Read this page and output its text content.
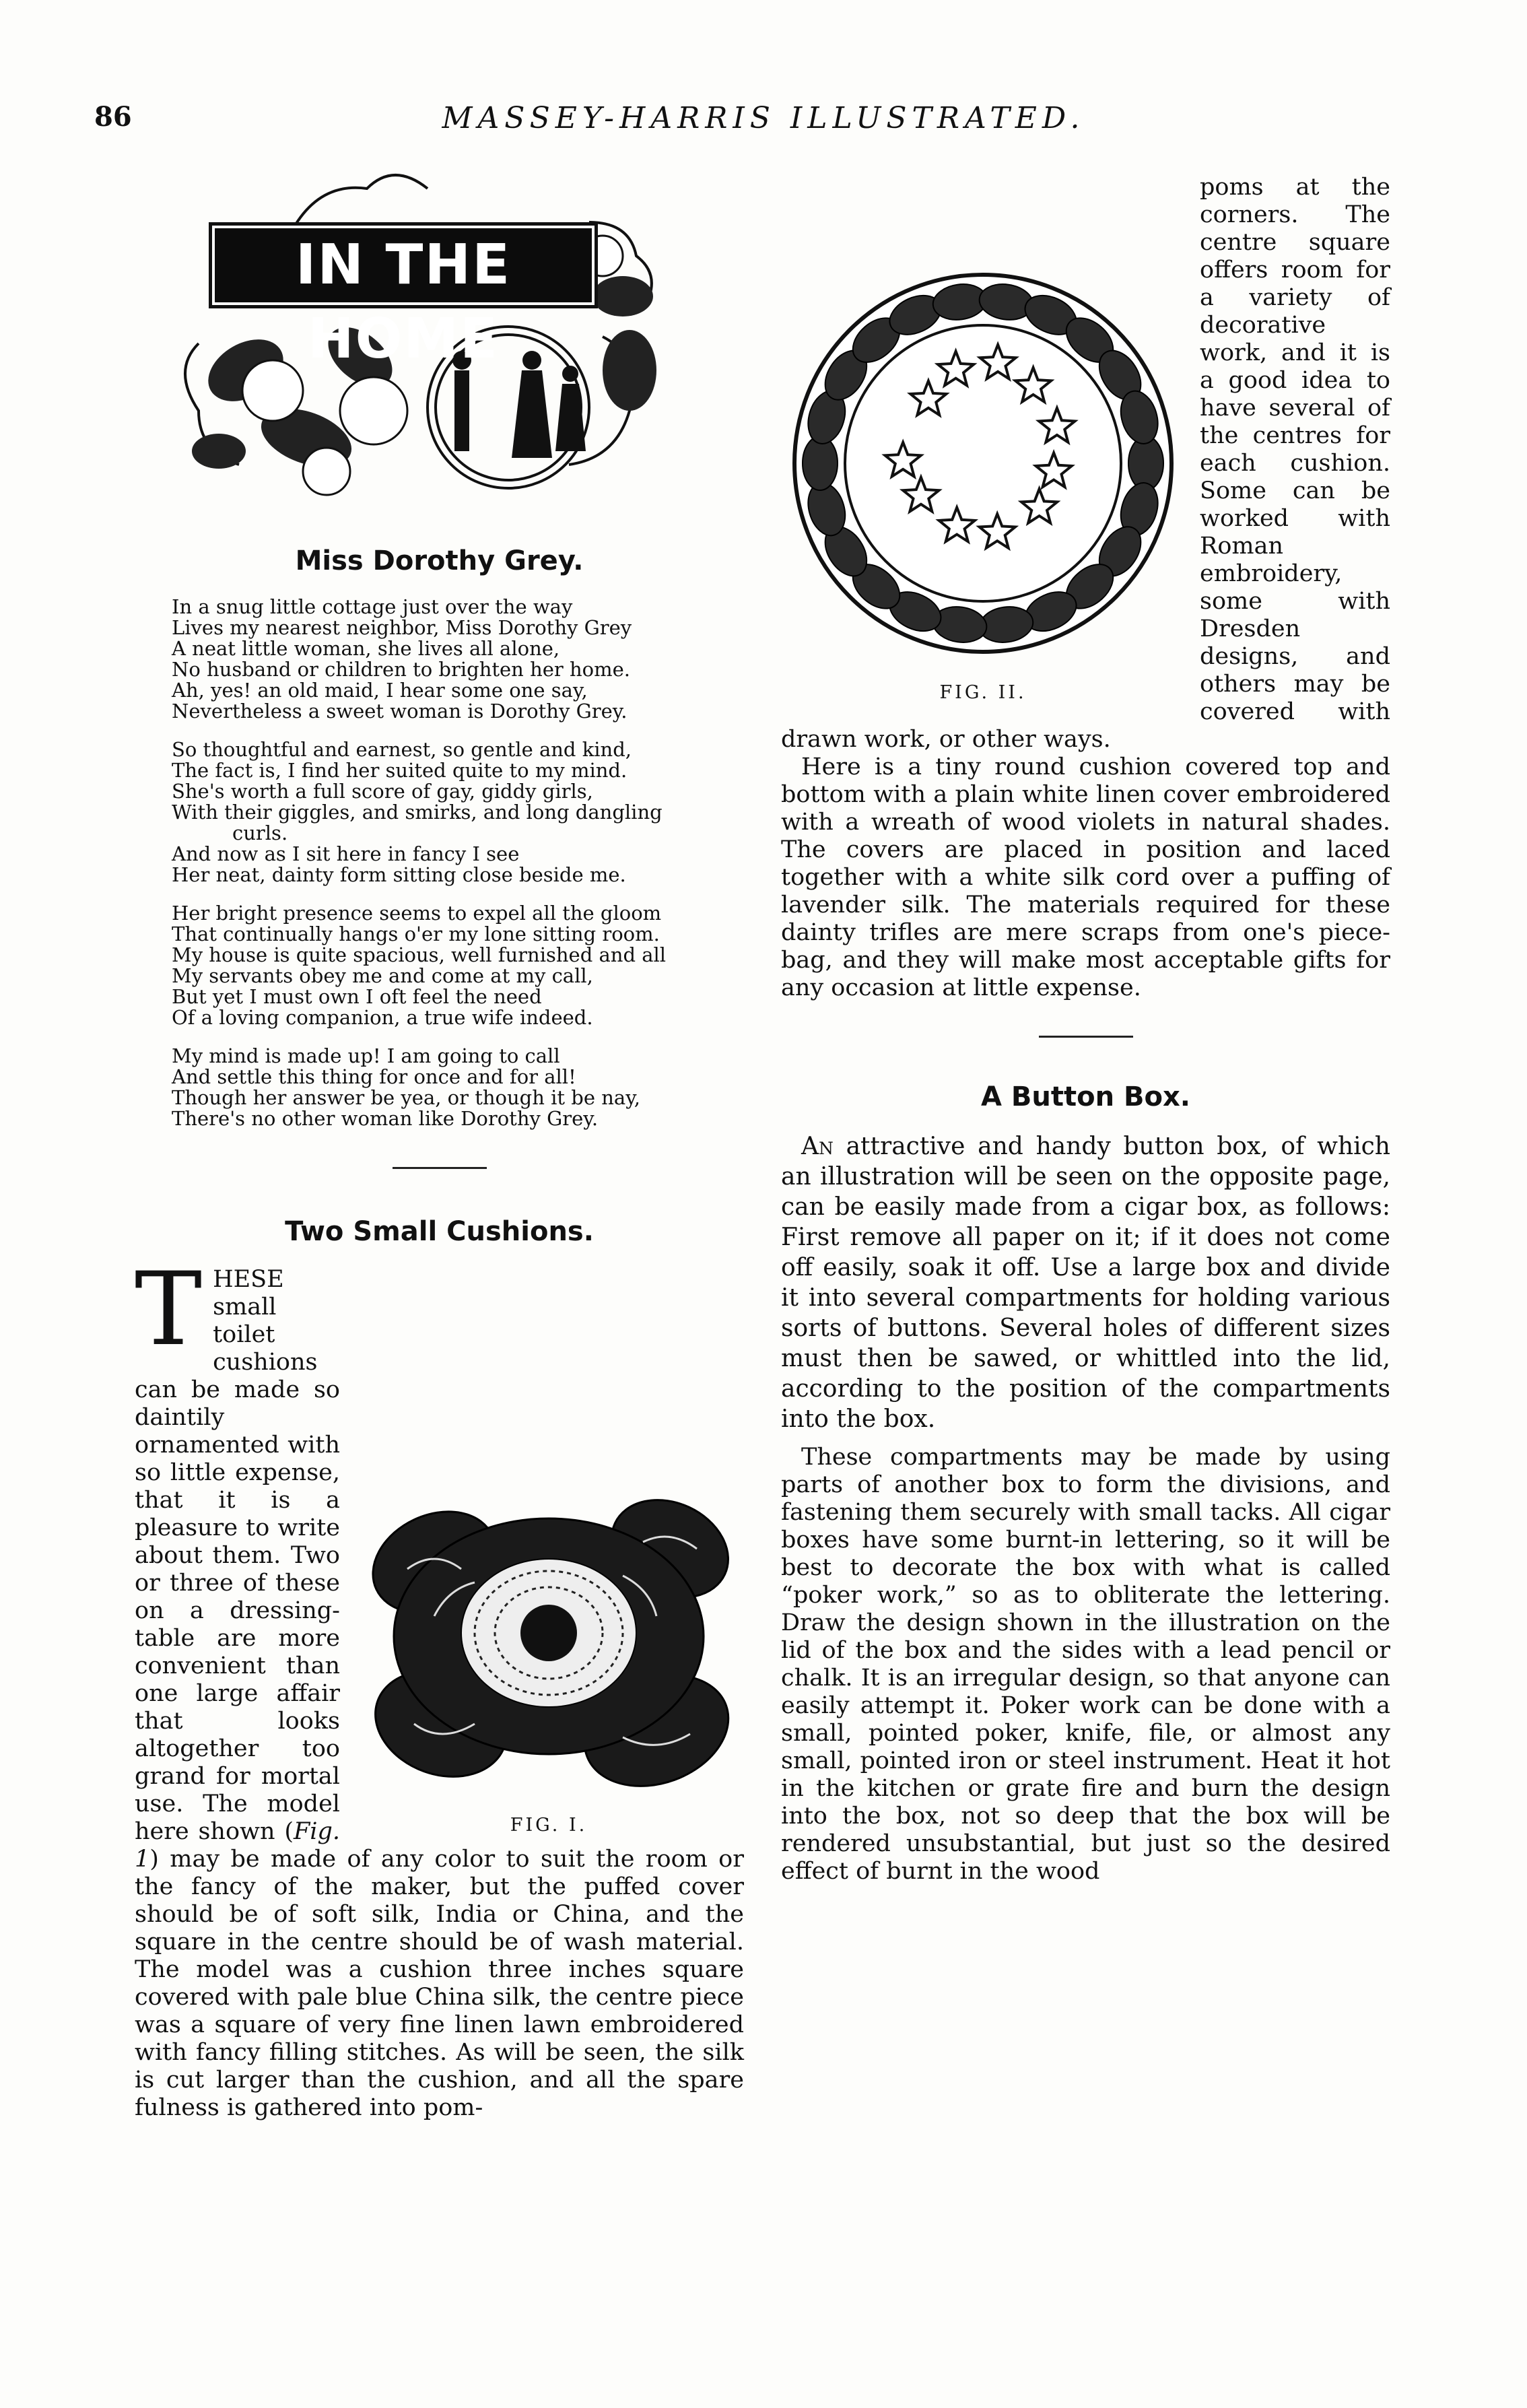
86	MASSEY-HARRIS ILLUSTRATED.
IN THE HOME
Miss Dorothy Grey.
In a snug little cottage just over the way
Lives my nearest neighbor, Miss Dorothy Grey
A neat little woman, she lives all alone,
No husband or children to brighten her home.
Ah, yes! an old maid, I hear some one say,
Nevertheless a sweet woman is Dorothy Grey.
So thoughtful and earnest, so gentle and kind,
The fact is, I find her suited quite to my mind.
She's worth a full score of gay, giddy girls,
With their giggles, and smirks, and long dangling
curls.
And now as I sit here in fancy I see
Her neat, dainty form sitting close beside me.
Her bright presence seems to expel all the gloom
That continually hangs o'er my lone sitting room.
My house is quite spacious, well furnished and all
My servants obey me and come at my call,
But yet I must own I oft feel the need
Of a loving companion, a true wife indeed.
My mind is made up! I am going to call
And settle this thing for once and for all!
Though her answer be yea, or though it be nay,
There's no other woman like Dorothy Grey.
Two Small Cushions.
T
FIG. I.
HESE small toilet cushions can be made so daintily ornamented with so little expense, that it is a pleasure to write about them. Two or three of these on a dressing-table are more convenient than one large affair that looks altogether too grand for mortal use. The model here shown (Fig. 1) may be made of any color to suit the room or the fancy of the maker, but the puffed cover should be of soft silk, India or China, and the square in the centre should be of wash material. The model was a cushion three inches square covered with pale blue China silk, the centre piece was a square of very fine linen lawn embroidered with fancy filling stitches. As will be seen, the silk is cut larger than the cushion, and all the spare fulness is gathered into pom-
FIG. II.
poms at the corners. The centre square offers room for a variety of decorative work, and it is a good idea to have several of the centres for each cushion. Some can be worked with Roman embroidery, some with Dresden designs, and others may be covered with drawn work, or other ways.

Here is a tiny round cushion covered top and bottom with a plain white linen cover embroidered with a wreath of wood violets in natural shades. The covers are placed in position and laced together with a white silk cord over a puffing of lavender silk. The materials required for these dainty trifles are mere scraps from one's piece-bag, and they will make most acceptable gifts for any occasion at little expense.

A Button Box.

An attractive and handy button box, of which an illustration will be seen on the opposite page, can be easily made from a cigar box, as follows: First remove all paper on it; if it does not come off easily, soak it off. Use a large box and divide it into several compartments for holding various sorts of buttons. Several holes of different sizes must then be sawed, or whittled into the lid, according to the position of the compartments into the box.

These compartments may be made by using parts of another box to form the divisions, and fastening them securely with small tacks. All cigar boxes have some burnt-in lettering, so it will be best to decorate the box with what is called “poker work,” so as to obliterate the lettering. Draw the design shown in the illustration on the lid of the box and the sides with a lead pencil or chalk. It is an irregular design, so that anyone can easily attempt it. Poker work can be done with a small, pointed poker, knife, file, or almost any small, pointed iron or steel instrument. Heat it hot in the kitchen or grate fire and burn the design into the box, not so deep that the box will be rendered unsubstantial, but just so the desired effect of burnt in the wood
